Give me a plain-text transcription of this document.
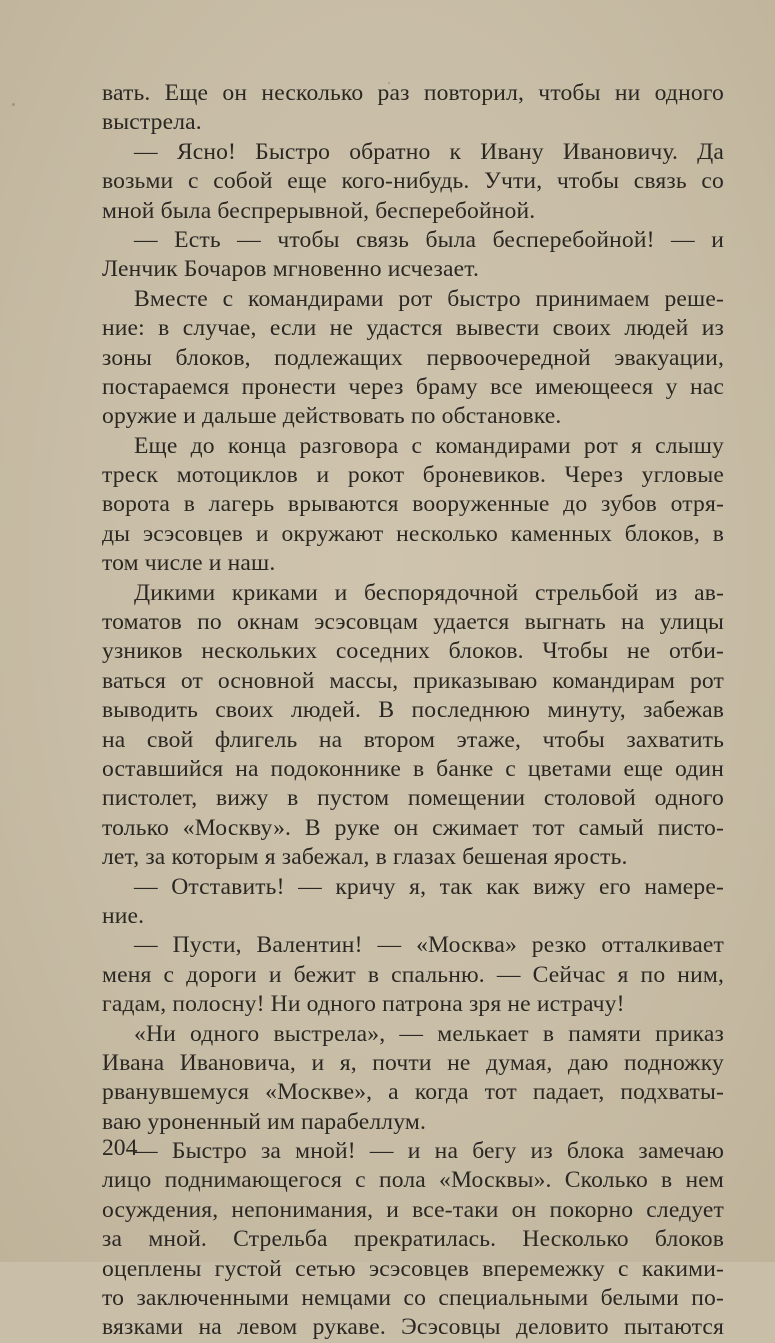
вать. Еще он несколько раз повторил, чтобы ни одного
выстрела.
— Ясно! Быстро обратно к Ивану Ивановичу. Да
возьми с собой еще кого-нибудь. Учти, чтобы связь со
мной была беспрерывной, бесперебойной.
— Есть — чтобы связь была бесперебойной! — и
Ленчик Бочаров мгновенно исчезает.
Вместе с командирами рот быстро принимаем реше-
ние: в случае, если не удастся вывести своих людей из
зоны блоков, подлежащих первоочередной эвакуации,
постараемся пронести через браму все имеющееся у нас
оружие и дальше действовать по обстановке.
Еще до конца разговора с командирами рот я слышу
треск мотоциклов и рокот броневиков. Через угловые
ворота в лагерь врываются вооруженные до зубов отря-
ды эсэсовцев и окружают несколько каменных блоков, в
том числе и наш.
Дикими криками и беспорядочной стрельбой из ав-
томатов по окнам эсэсовцам удается выгнать на улицы
узников нескольких соседних блоков. Чтобы не отби-
ваться от основной массы, приказываю командирам рот
выводить своих людей. В последнюю минуту, забежав
на свой флигель на втором этаже, чтобы захватить
оставшийся на подоконнике в банке с цветами еще один
пистолет, вижу в пустом помещении столовой одного
только «Москву». В руке он сжимает тот самый писто-
лет, за которым я забежал, в глазах бешеная ярость.
— Отставить! — кричу я, так как вижу его намере-
ние.
— Пусти, Валентин! — «Москва» резко отталкивает
меня с дороги и бежит в спальню. — Сейчас я по ним,
гадам, полосну! Ни одного патрона зря не истрачу!
«Ни одного выстрела», — мелькает в памяти приказ
Ивана Ивановича, и я, почти не думая, даю подножку
рванувшемуся «Москве», а когда тот падает, подхваты-
ваю уроненный им парабеллум.
— Быстро за мной! — и на бегу из блока замечаю
лицо поднимающегося с пола «Москвы». Сколько в нем
осуждения, непонимания, и все-таки он покорно следует
за мной. Стрельба прекратилась. Несколько блоков
оцеплены густой сетью эсэсовцев вперемежку с какими-
то заключенными немцами со специальными белыми по-
вязками на левом рукаве. Эсэсовцы деловито пытаются
204
